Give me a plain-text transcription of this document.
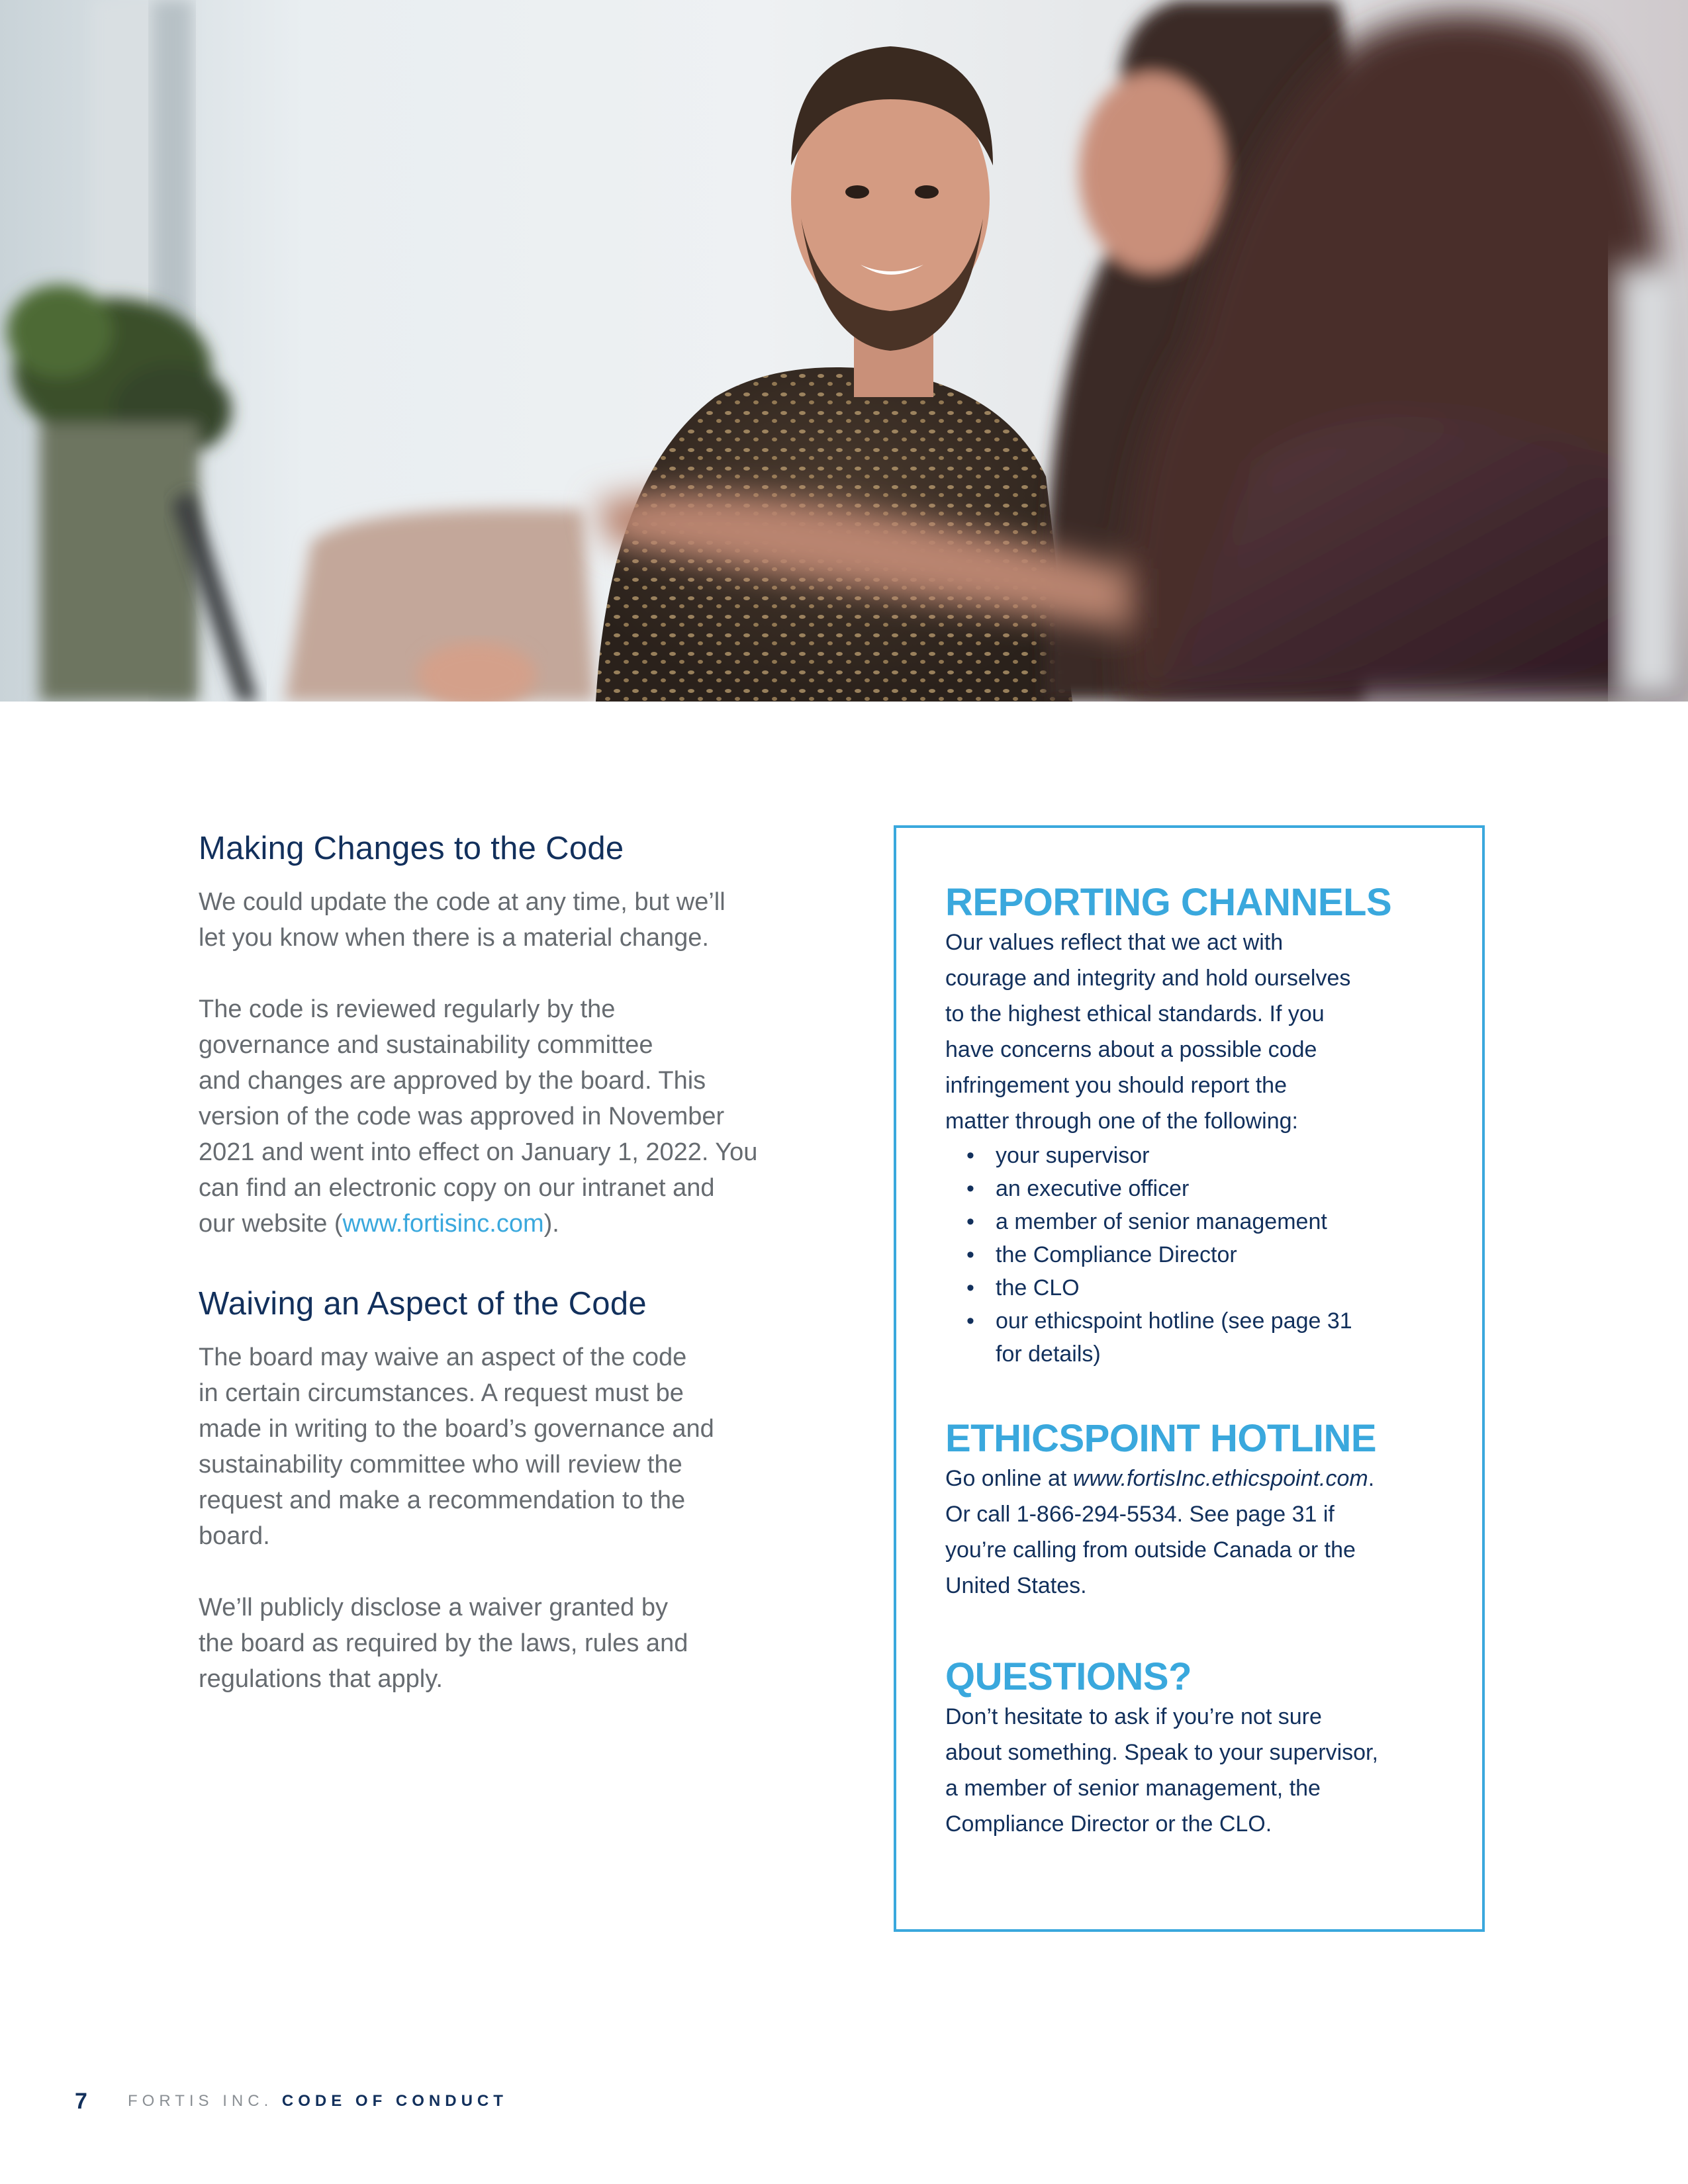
Making Changes to the Code

We could update the code at any time, but we’ll

let you know when there is a material change.

The code is reviewed regularly by the

governance and sustainability committee

and changes are approved by the board. This

version of the code was approved in November

2021 and went into effect on January 1, 2022. You

can find an electronic copy on our intranet and

our website (www.fortisinc.com).

Waiving an Aspect of the Code

The board may waive an aspect of the code

in certain circumstances. A request must be

made in writing to the board’s governance and

sustainability committee who will review the

request and make a recommendation to the

board.

We’ll publicly disclose a waiver granted by

the board as required by the laws, rules and

regulations that apply.

REPORTING CHANNELS

Our values reflect that we act with

courage and integrity and hold ourselves

to the highest ethical standards. If you

have concerns about a possible code

infringement you should report the

matter through one of the following:

• your supervisor
• an executive officer
• a member of senior management
• the Compliance Director
• the CLO
• our ethicspoint hotline (see page 31
for details)
ETHICSPOINT HOTLINE

Go online at www.fortisInc.ethicspoint.com.

Or call 1-866-294-5534. See page 31 if

you’re calling from outside Canada or the

United States.

QUESTIONS?

Don’t hesitate to ask if you’re not sure

about something. Speak to your supervisor,

a member of senior management, the

Compliance Director or the CLO.

7	FORTIS INC. CODE OF CONDUCT
